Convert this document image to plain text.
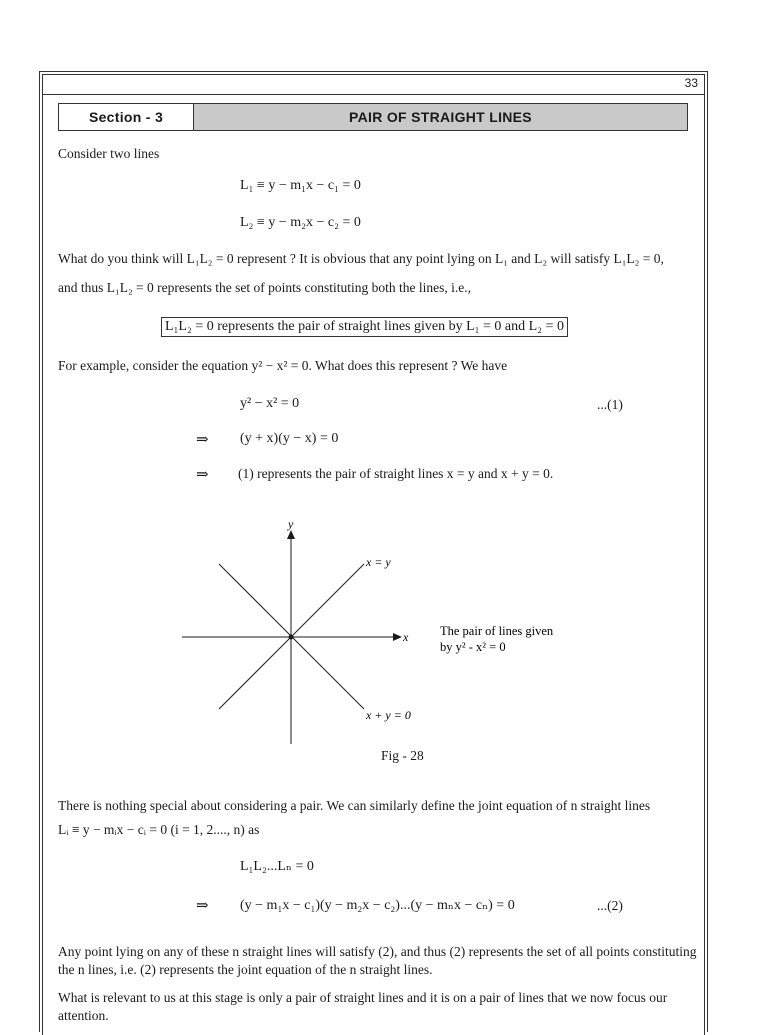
33
Section - 3	PAIR OF STRAIGHT LINES
Consider two lines
L₁ ≡ y − m₁x − c₁ = 0
L₂ ≡ y − m₂x − c₂ = 0
What do you think will L₁L₂ = 0 represent ? It is obvious that any point lying on L₁ and L₂ will satisfy L₁L₂ = 0,
and thus L₁L₂ = 0 represents the set of points constituting both the lines, i.e.,
L₁L₂ = 0 represents the pair of straight lines given by L₁ = 0 and L₂ = 0
For example, consider the equation y² − x² = 0. What does this represent ? We have
y² − x² = 0	...(1)
⇒ (y + x)(y − x) = 0
⇒ (1) represents the pair of straight lines x = y and x + y = 0.
y
x
x = y
x + y = 0
The pair of lines given
by y² - x² = 0
Fig - 28
There is nothing special about considering a pair. We can similarly define the joint equation of n straight lines
Lᵢ ≡ y − mᵢx − cᵢ = 0 (i = 1, 2...., n) as
L₁L₂...Lₙ = 0
⇒ (y − m₁x − c₁)(y − m₂x − c₂)...(y − mₙx − cₙ) = 0	...(2)
Any point lying on any of these n straight lines will satisfy (2), and thus (2) represents the set of all points constituting
the n lines, i.e. (2) represents the joint equation of the n straight lines.
What is relevant to us at this stage is only a pair of straight lines and it is on a pair of lines that we now focus our
attention.
